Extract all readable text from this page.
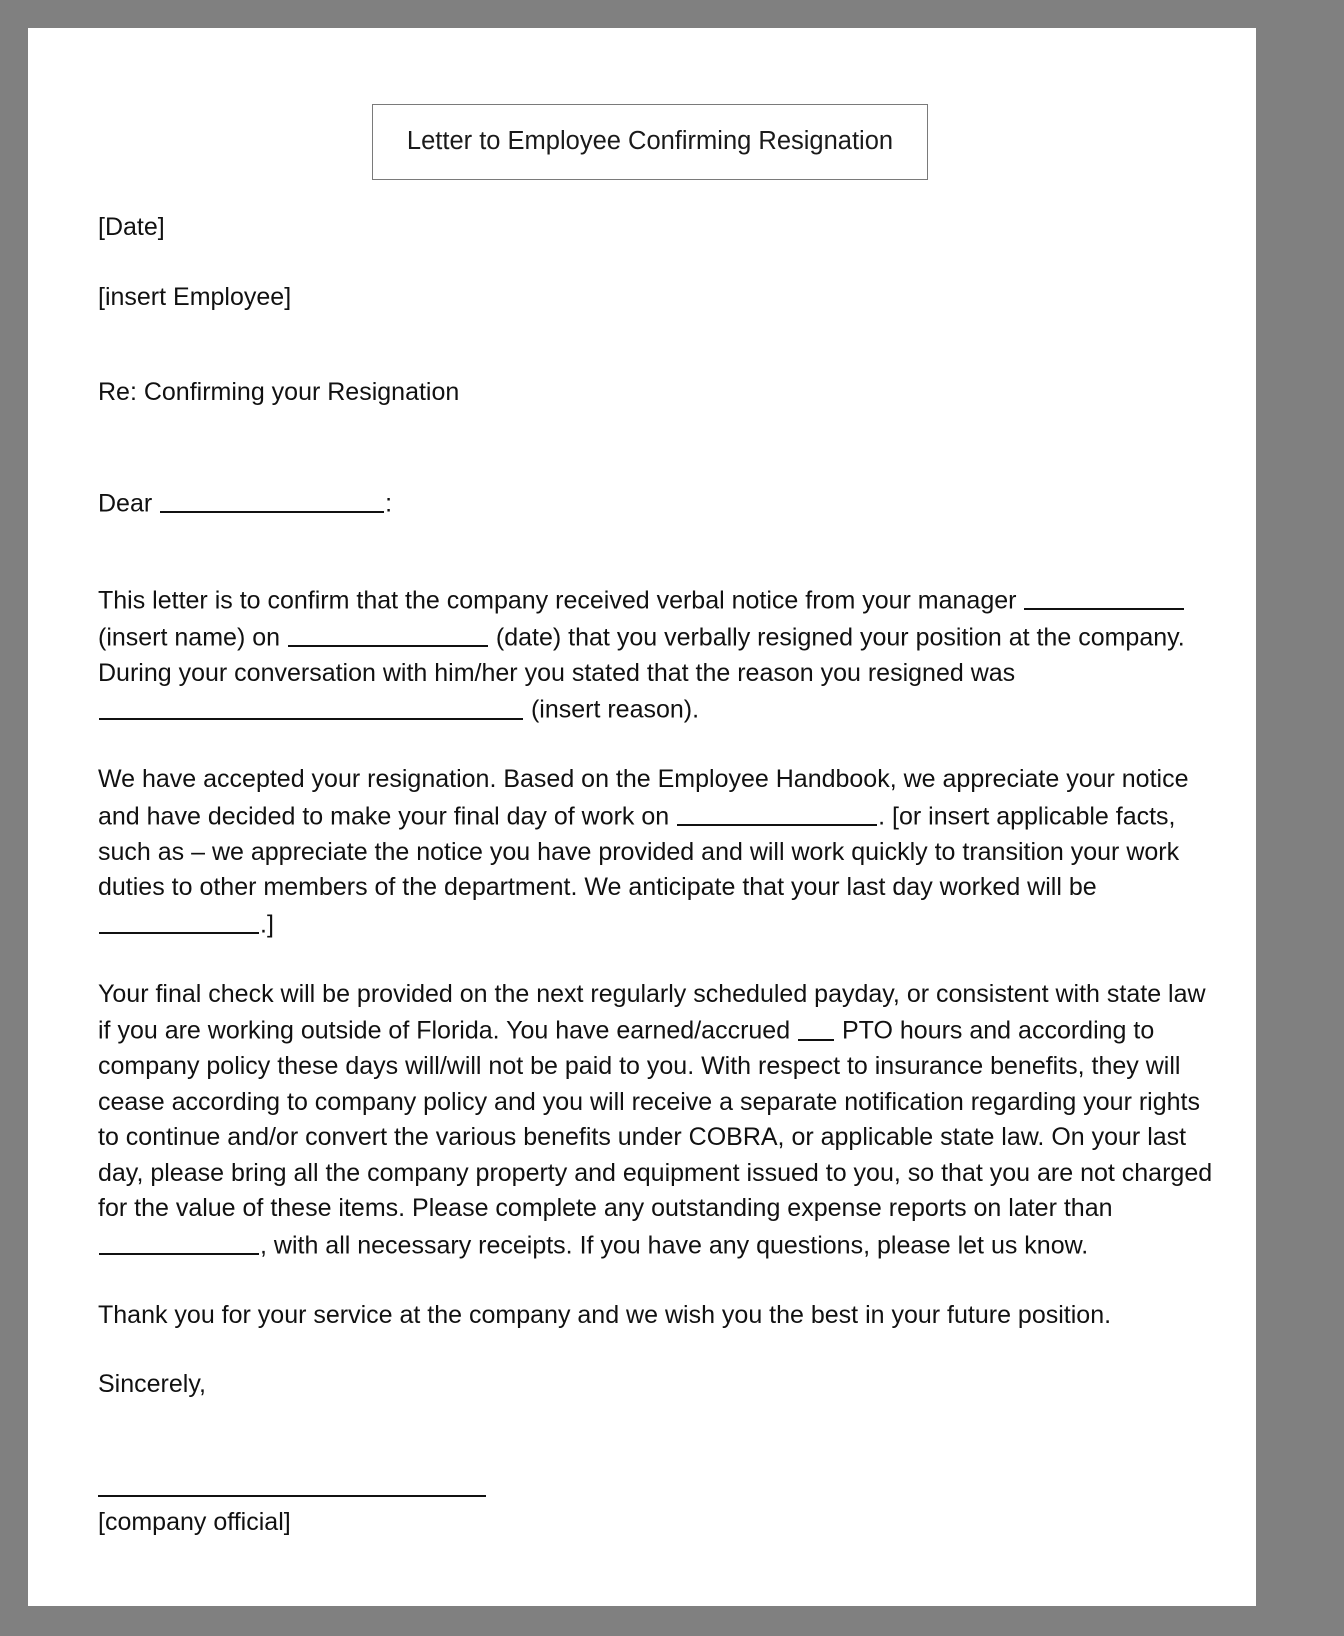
Letter to Employee Confirming Resignation
[Date]
[insert Employee]
Re: Confirming your Resignation
Dear	:

This letter is to confirm that the company received verbal notice from your manager  (insert name) on	(date) that you verbally resigned your position at the company. During your conversation with him/her you stated that the reason you resigned was  (insert reason).

We have accepted your resignation. Based on the Employee Handbook, we appreciate your notice and have decided to make your final day of work on	. [or insert applicable facts, such as – we appreciate the notice you have provided and will work quickly to transition your work duties to other members of the department. We anticipate that your last day worked will be .]

Your final check will be provided on the next regularly scheduled payday, or consistent with state law if you are working outside of Florida. You have earned/accrued  PTO hours and according to company policy these days will/will not be paid to you. With respect to insurance benefits, they will cease according to company policy and you will receive a separate notification regarding your rights to continue and/or convert the various benefits under COBRA, or applicable state law. On your last day, please bring all the company property and equipment issued to you, so that you are not charged for the value of these items. Please complete any outstanding expense reports on later than , with all necessary receipts. If you have any questions, please let us know.

Thank you for your service at the company and we wish you the best in your future position.

Sincerely,
[company official]
